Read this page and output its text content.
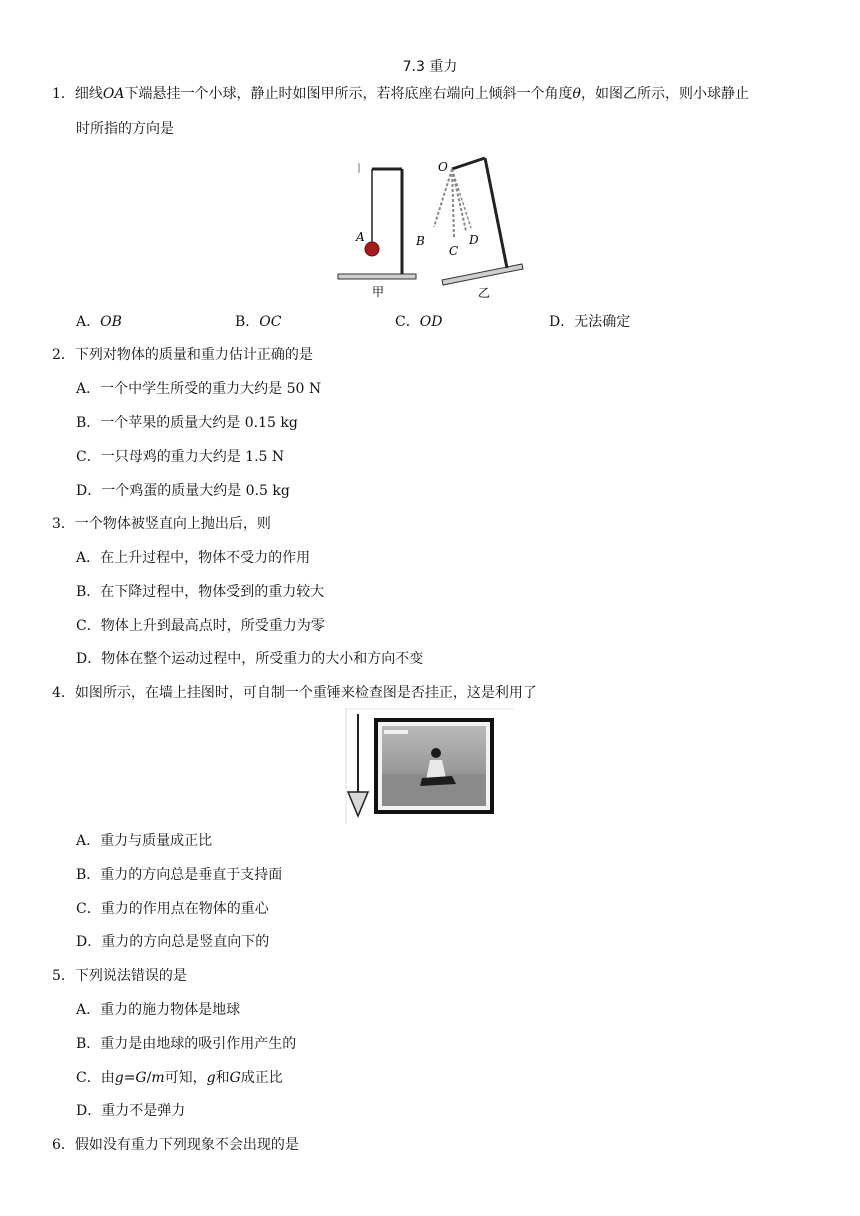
7.3 重力
1．细线OA下端悬挂一个小球，静止时如图甲所示，若将底座右端向上倾斜一个角度θ，如图乙所示，则小球静止
时所指的方向是
A
甲
O
B
C
D
乙
A．OB	B．OC	C．OD	D．无法确定
2．下列对物体的质量和重力估计正确的是
A．一个中学生所受的重力大约是 50 N
B．一个苹果的质量大约是 0.15 kg
C．一只母鸡的重力大约是 1.5 N
D．一个鸡蛋的质量大约是 0.5 kg
3．一个物体被竖直向上抛出后，则
A．在上升过程中，物体不受力的作用
B．在下降过程中，物体受到的重力较大
C．物体上升到最高点时，所受重力为零
D．物体在整个运动过程中，所受重力的大小和方向不变
4．如图所示，在墙上挂图时，可自制一个重锤来检查图是否挂正，这是利用了
A．重力与质量成正比
B．重力的方向总是垂直于支持面
C．重力的作用点在物体的重心
D．重力的方向总是竖直向下的
5．下列说法错误的是
A．重力的施力物体是地球
B．重力是由地球的吸引作用产生的
C．由g=G/m可知，g和G成正比
D．重力不是弹力
6．假如没有重力下列现象不会出现的是
